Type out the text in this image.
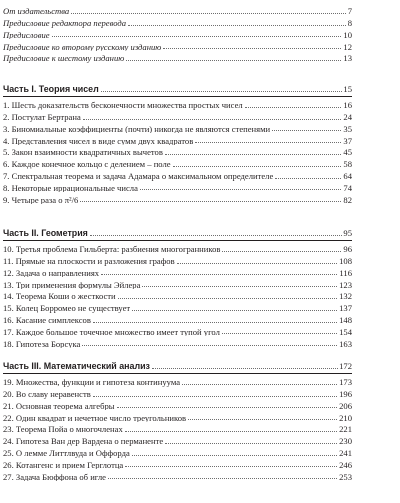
От издательства	7
Предисловие редактора перевода	8
Предисловие	10
Предисловие ко второму русскому изданию	12
Предисловие к шестому изданию	13
Часть I. Теория чисел	15
1. Шесть доказательств бесконечности множества простых чисел	16
2. Постулат Бертрана	24
3. Биномиальные коэффициенты (почти) никогда не являются степенями	35
4. Представления чисел в виде сумм двух квадратов	37
5. Закон взаимности квадратичных вычетов	45
6. Каждое конечное кольцо с делением – поле	58
7. Спектральная теорема и задача Адамара о максимальном определителе	64
8. Некоторые иррациональные числа	74
9. Четыре раза о π²/6	82
Часть II. Геометрия	95
10. Третья проблема Гильберта: разбиения многогранников	96
11. Прямые на плоскости и разложения графов	108
12. Задача о направлениях	116
13. Три применения формулы Эйлера	123
14. Теорема Коши о жесткости	132
15. Колец Борромео не существует	137
16. Касание симплексов	148
17. Каждое большое точечное множество имеет тупой угол	154
18. Гипотеза Борсука	163
Часть III. Математический анализ	172
19. Множества, функции и гипотеза континуума	173
20. Во славу неравенств	196
21. Основная теорема алгебры	206
22. Один квадрат и нечетное число треугольников	210
23. Теорема Пойа о многочленах	221
24. Гипотеза Ван дер Вардена о перманенте	230
25. О лемме Литтлвуда и Оффорда	241
26. Котангенс и прием Герглотца	246
27. Задача Бюффона об игле	253
